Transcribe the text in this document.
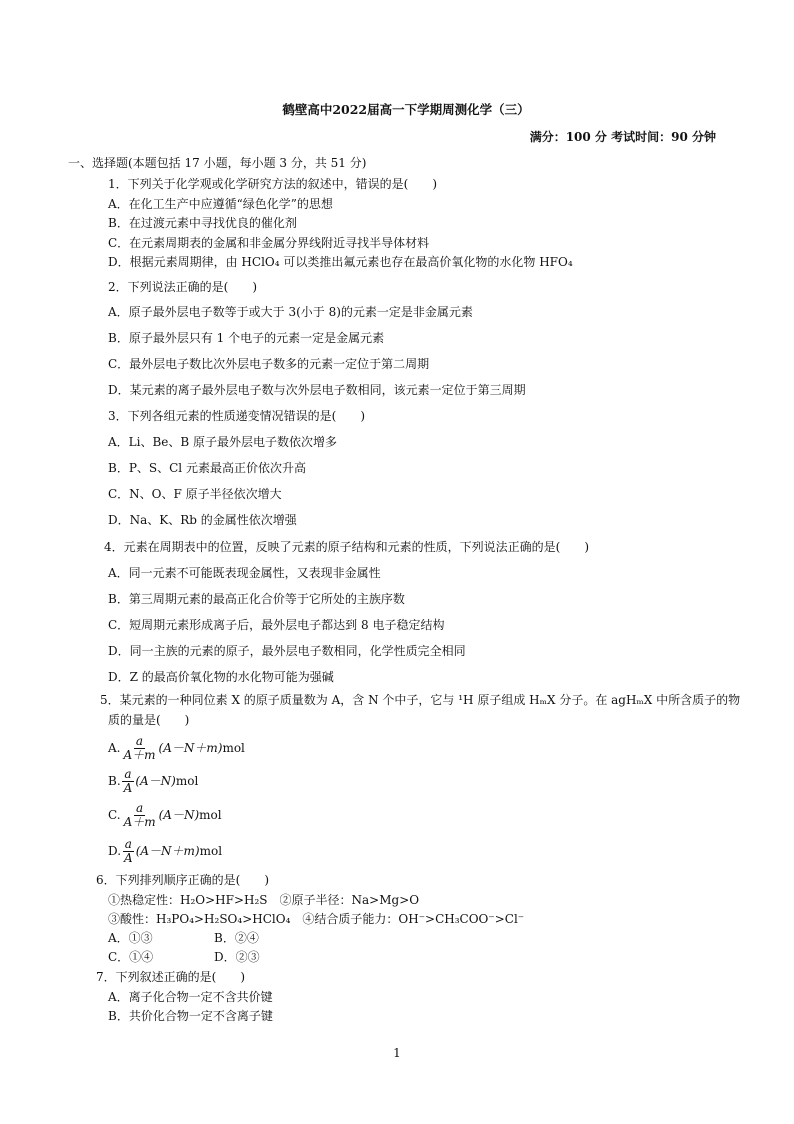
鹤壁高中2022届高一下学期周测化学（三）
满分：100 分 考试时间：90 分钟
一、选择题(本题包括 17 小题，每小题 3 分，共 51 分)
1．下列关于化学观或化学研究方法的叙述中，错误的是(　　)
A．在化工生产中应遵循“绿色化学”的思想
B．在过渡元素中寻找优良的催化剂
C．在元素周期表的金属和非金属分界线附近寻找半导体材料
D．根据元素周期律，由 HClO₄ 可以类推出氟元素也存在最高价氧化物的水化物 HFO₄
2．下列说法正确的是(　　)
A．原子最外层电子数等于或大于 3(小于 8)的元素一定是非金属元素
B．原子最外层只有 1 个电子的元素一定是金属元素
C．最外层电子数比次外层电子数多的元素一定位于第二周期
D．某元素的离子最外层电子数与次外层电子数相同，该元素一定位于第三周期
3．下列各组元素的性质递变情况错误的是(　　)
A．Li、Be、B 原子最外层电子数依次增多
B．P、S、Cl 元素最高正价依次升高
C．N、O、F 原子半径依次增大
D．Na、K、Rb 的金属性依次增强
4．元素在周期表中的位置，反映了元素的原子结构和元素的性质，下列说法正确的是(　　)
A．同一元素不可能既表现金属性，又表现非金属性
B．第三周期元素的最高正化合价等于它所处的主族序数
C．短周期元素形成离子后，最外层电子都达到 8 电子稳定结构
D．同一主族的元素的原子，最外层电子数相同，化学性质完全相同
D．Z 的最高价氧化物的水化物可能为强碱
5．某元素的一种同位素 X 的原子质量数为 A，含 N 个中子，它与 ¹H 原子组成 HₘX 分子。在 agHₘX 中所含质子的物
质的量是(　　)
A. $\frac{a}{A+m} (A-N+m)mol$
B. $\frac{a}{A} (A-N)mol$
C. $\frac{a}{A+m} (A-N)mol$
D. $\frac{a}{A} (A-N+m)mol$
6．下列排列顺序正确的是(　　)
①热稳定性：H₂O>HF>H₂S　②原子半径：Na>Mg>O
③酸性：H₃PO₄>H₂SO₄>HClO₄　④结合质子能力：OH⁻>CH₃COO⁻>Cl⁻
A．①③	B．②④
C．①④	D．②③
7．下列叙述正确的是(　　)
A．离子化合物一定不含共价键
B．共价化合物一定不含离子键
1
